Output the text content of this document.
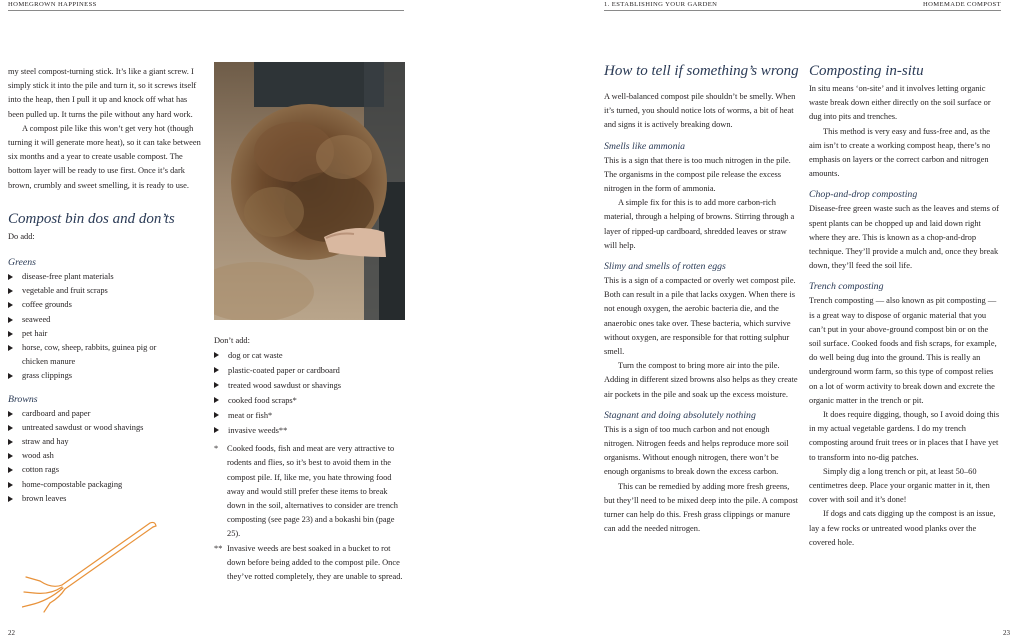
HOMEGROWN HAPPINESS

my steel compost-turning stick. It’s like a giant screw. I simply stick it into the pile and turn it, so it screws itself into the heap, then I pull it up and knock off what has been pulled up. It turns the pile without any hard work.

A compost pile like this won’t get very hot (though turning it will generate more heat), so it can take between six months and a year to create usable compost. The bottom layer will be ready to use first. Once it’s dark brown, crumbly and sweet smelling, it is ready to use.

Compost bin dos and don’ts

Do add:

Greens

disease-free plant materials
vegetable and fruit scraps
coffee grounds
seaweed
pet hair
horse, cow, sheep, rabbits, guinea pig or chicken manure
grass clippings

Browns

cardboard and paper
untreated sawdust or wood shavings
straw and hay
wood ash
cotton rags
home-compostable packaging
brown leaves

Don’t add:

dog or cat waste
plastic-coated paper or cardboard
treated wood sawdust or shavings
cooked food scraps*
meat or fish*
invasive weeds**
* Cooked foods, fish and meat are very attractive to rodents and flies, so it’s best to avoid them in the compost pile. If, like me, you hate throwing food away and would still prefer these items to break down in the soil, alternatives to consider are trench composting (see page 23) and a bokashi bin (page 25).
** Invasive weeds are best soaked in a bucket to rot down before being added to the compost pile. Once they’ve rotted completely, they are unable to spread.
22
1. ESTABLISHING YOUR GARDEN	HOMEMADE COMPOST

How to tell if something’s wrong

A well-balanced compost pile shouldn’t be smelly. When it’s turned, you should notice lots of worms, a bit of heat and signs it is actively breaking down.

Smells like ammonia

This is a sign that there is too much nitrogen in the pile. The organisms in the compost pile release the excess nitrogen in the form of ammonia.

A simple fix for this is to add more carbon-rich material, through a helping of browns. Stirring through a layer of ripped-up cardboard, shredded leaves or straw will help.

Slimy and smells of rotten eggs

This is a sign of a compacted or overly wet compost pile. Both can result in a pile that lacks oxygen. When there is not enough oxygen, the aerobic bacteria die, and the anaerobic ones take over. These bacteria, which survive without oxygen, are responsible for that rotting sulphur smell.

Turn the compost to bring more air into the pile. Adding in different sized browns also helps as they create air pockets in the pile and soak up the excess moisture.

Stagnant and doing absolutely nothing

This is a sign of too much carbon and not enough nitrogen. Nitrogen feeds and helps reproduce more soil organisms. Without enough nitrogen, there won’t be enough organisms to break down the excess carbon.

This can be remedied by adding more fresh greens, but they’ll need to be mixed deep into the pile. A compost turner can help do this. Fresh grass clippings or manure can add the needed nitrogen.

Composting in-situ

In situ means ‘on-site’ and it involves letting organic waste break down either directly on the soil surface or dug into pits and trenches.

This method is very easy and fuss-free and, as the aim isn’t to create a working compost heap, there’s no emphasis on layers or the correct carbon and nitrogen amounts.

Chop-and-drop composting

Disease-free green waste such as the leaves and stems of spent plants can be chopped up and laid down right where they are. This is known as a chop-and-drop technique. They’ll provide a mulch and, once they break down, they’ll feed the soil life.

Trench composting

Trench composting — also known as pit composting — is a great way to dispose of organic material that you can’t put in your above-ground compost bin or on the soil surface. Cooked foods and fish scraps, for example, do well being dug into the ground. This is really an underground worm farm, so this type of compost relies on a lot of worm activity to break down and excrete the organic matter in the trench or pit.

It does require digging, though, so I avoid doing this in my actual vegetable gardens. I do my trench composting around fruit trees or in places that I have yet to transform into no-dig patches.

Simply dig a long trench or pit, at least 50–60 centimetres deep. Place your organic matter in it, then cover with soil and it’s done!

If dogs and cats digging up the compost is an issue, lay a few rocks or untreated wood planks over the covered hole.

23
